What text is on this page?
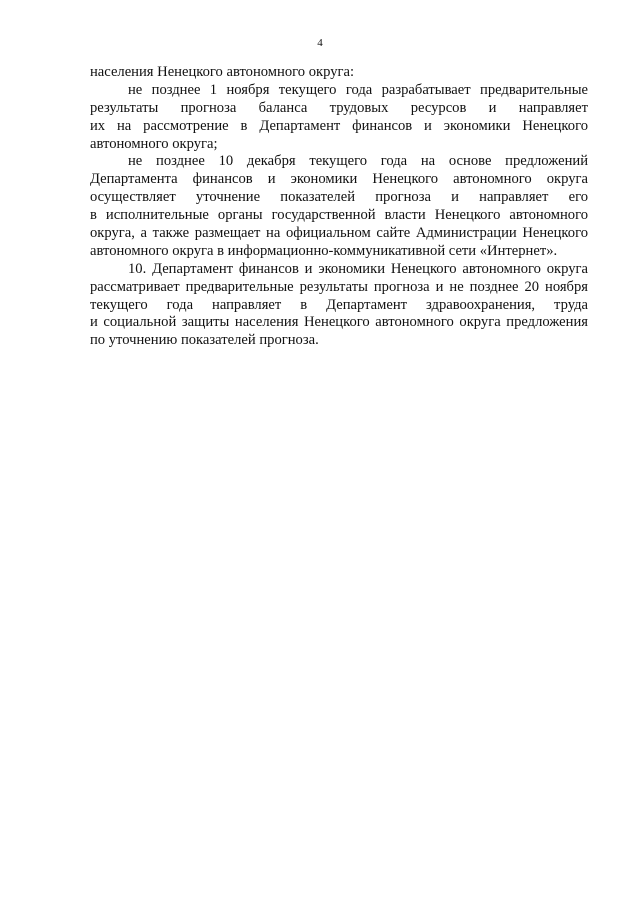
4
населения Ненецкого автономного округа:
не позднее 1 ноября текущего года разрабатывает предварительные
результаты прогноза баланса трудовых ресурсов и направляет
их на рассмотрение в Департамент финансов и экономики Ненецкого
автономного округа;
не позднее 10 декабря текущего года на основе предложений
Департамента финансов и экономики Ненецкого автономного округа
осуществляет уточнение показателей прогноза и направляет его
в исполнительные органы государственной власти Ненецкого автономного
округа, а также размещает на официальном сайте Администрации Ненецкого
автономного округа в информационно-коммуникативной сети «Интернет».
10. Департамент финансов и экономики Ненецкого автономного округа
рассматривает предварительные результаты прогноза и не позднее 20 ноября
текущего года направляет в Департамент здравоохранения, труда
и социальной защиты населения Ненецкого автономного округа предложения
по уточнению показателей прогноза.
